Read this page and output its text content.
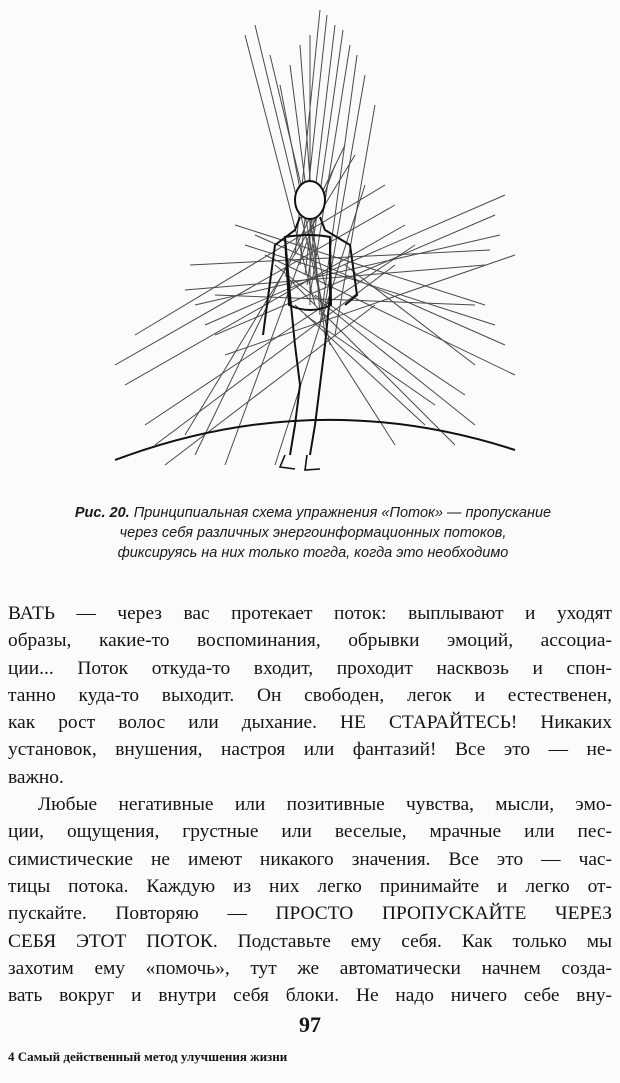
Рис. 20. Принципиальная схема упражнения «Поток» — пропускание
через себя различных энергоинформационных потоков,
фиксируясь на них только тогда, когда это необходимо

ВАТЬ — через вас протекает поток: выплывают и уходят
образы, какие-то воспоминания, обрывки эмоций, ассоциа-
ции... Поток откуда-то входит, проходит насквозь и спон-
танно куда-то выходит. Он свободен, легок и естественен,
как рост волос или дыхание. НЕ СТАРАЙТЕСЬ! Никаких
установок, внушения, настроя или фантазий! Все это — не-
важно.

Любые негативные или позитивные чувства, мысли, эмо-
ции, ощущения, грустные или веселые, мрачные или пес-
симистические не имеют никакого значения. Все это — час-
тицы потока. Каждую из них легко принимайте и легко от-
пускайте. Повторяю — ПРОСТО ПРОПУСКАЙТЕ ЧЕРЕЗ
СЕБЯ ЭТОТ ПОТОК. Подставьте ему себя. Как только мы
захотим ему «помочь», тут же автоматически начнем созда-
вать вокруг и внутри себя блоки. Не надо ничего себе вну-

97
4 Самый действенный метод улучшения жизни
